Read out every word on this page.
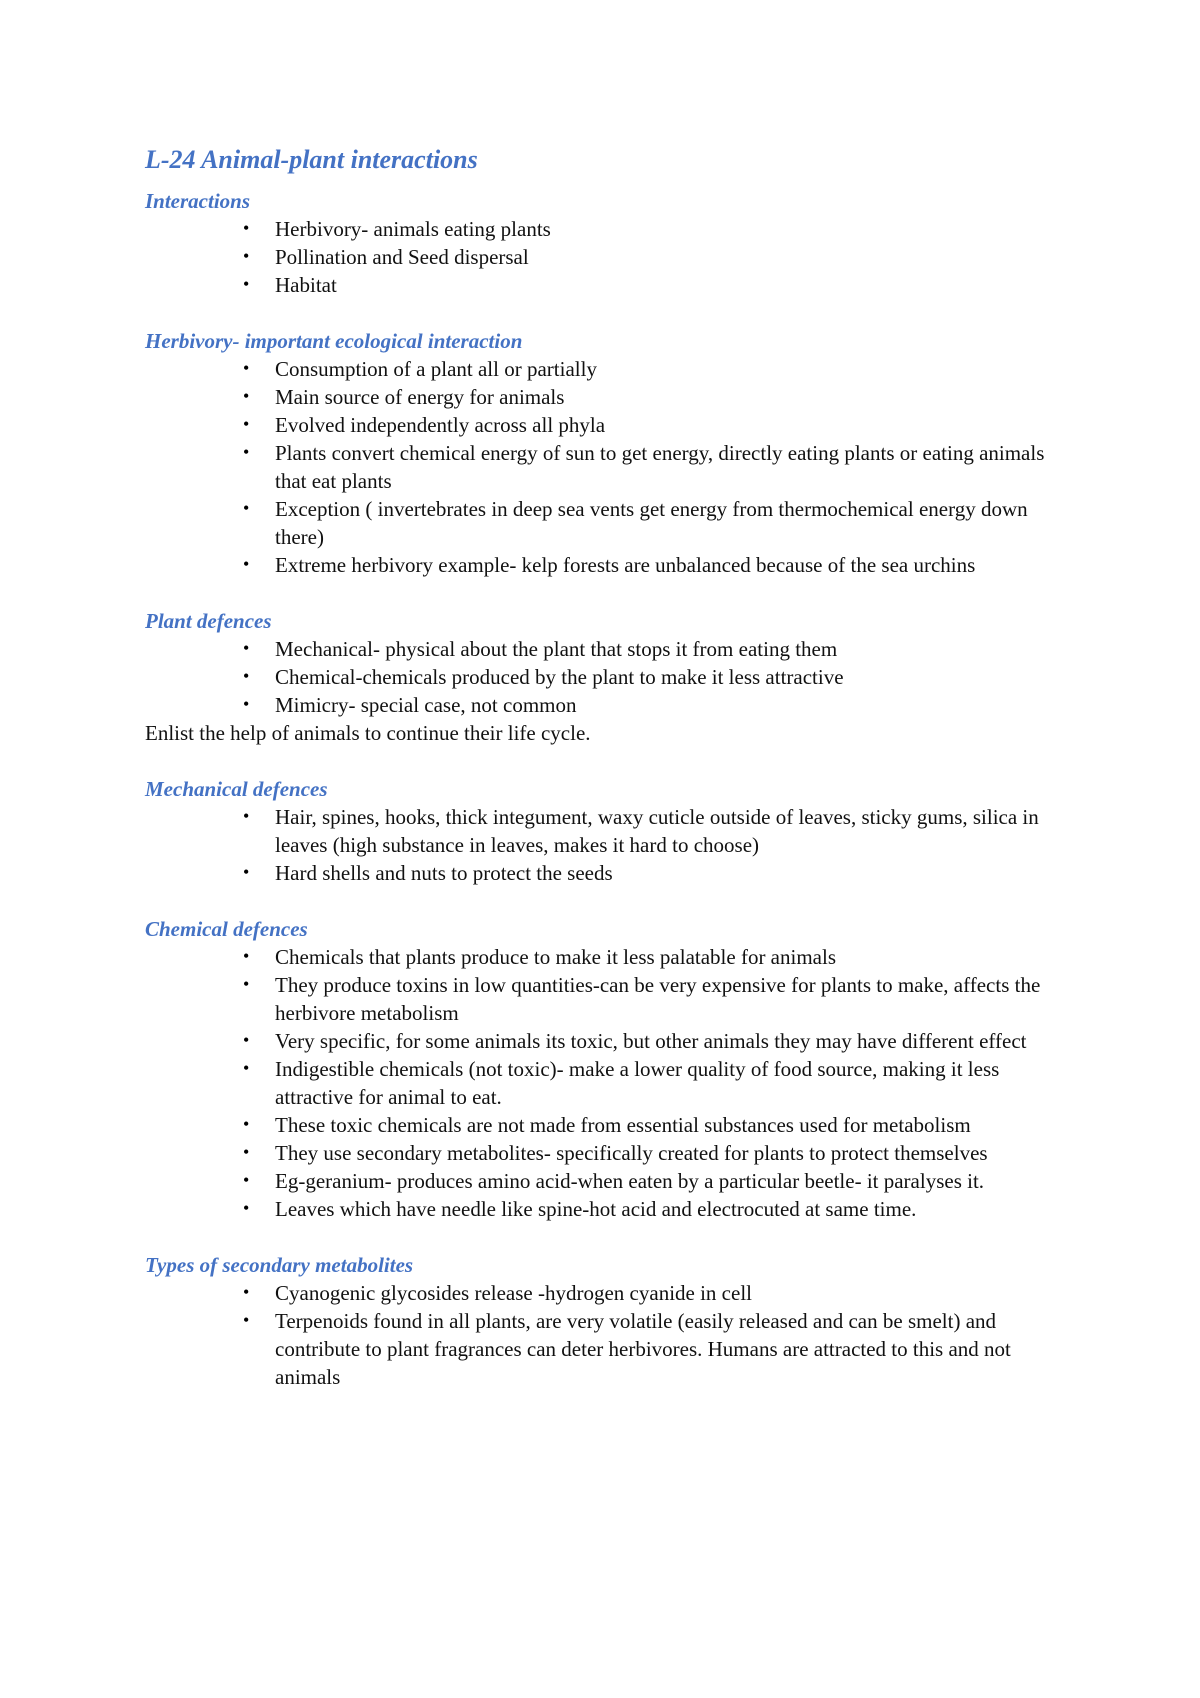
L-24 Animal-plant interactions
Interactions
• Herbivory- animals eating plants
• Pollination and Seed dispersal
• Habitat
Herbivory- important ecological interaction
• Consumption of a plant all or partially
• Main source of energy for animals
• Evolved independently across all phyla
• Plants convert chemical energy of sun to get energy, directly eating plants or eating animals that eat plants
• Exception ( invertebrates in deep sea vents get energy from thermochemical energy down there)
• Extreme herbivory example- kelp forests are unbalanced because of the sea urchins
Plant defences
• Mechanical- physical about the plant that stops it from eating them
• Chemical-chemicals produced by the plant to make it less attractive
• Mimicry- special case, not common

Enlist the help of animals to continue their life cycle.

Mechanical defences
• Hair, spines, hooks, thick integument, waxy cuticle outside of leaves, sticky gums, silica in leaves (high substance in leaves, makes it hard to choose)
• Hard shells and nuts to protect the seeds
Chemical defences
• Chemicals that plants produce to make it less palatable for animals
• They produce toxins in low quantities-can be very expensive for plants to make, affects the herbivore metabolism
• Very specific, for some animals its toxic, but other animals they may have different effect
• Indigestible chemicals (not toxic)- make a lower quality of food source, making it less attractive for animal to eat.
• These toxic chemicals are not made from essential substances used for metabolism
• They use secondary metabolites- specifically created for plants to protect themselves
• Eg-geranium- produces amino acid-when eaten by a particular beetle- it paralyses it.
• Leaves which have needle like spine-hot acid and electrocuted at same time.
Types of secondary metabolites
• Cyanogenic glycosides release -hydrogen cyanide in cell
• Terpenoids found in all plants, are very volatile (easily released and can be smelt) and contribute to plant fragrances can deter herbivores. Humans are attracted to this and not animals
